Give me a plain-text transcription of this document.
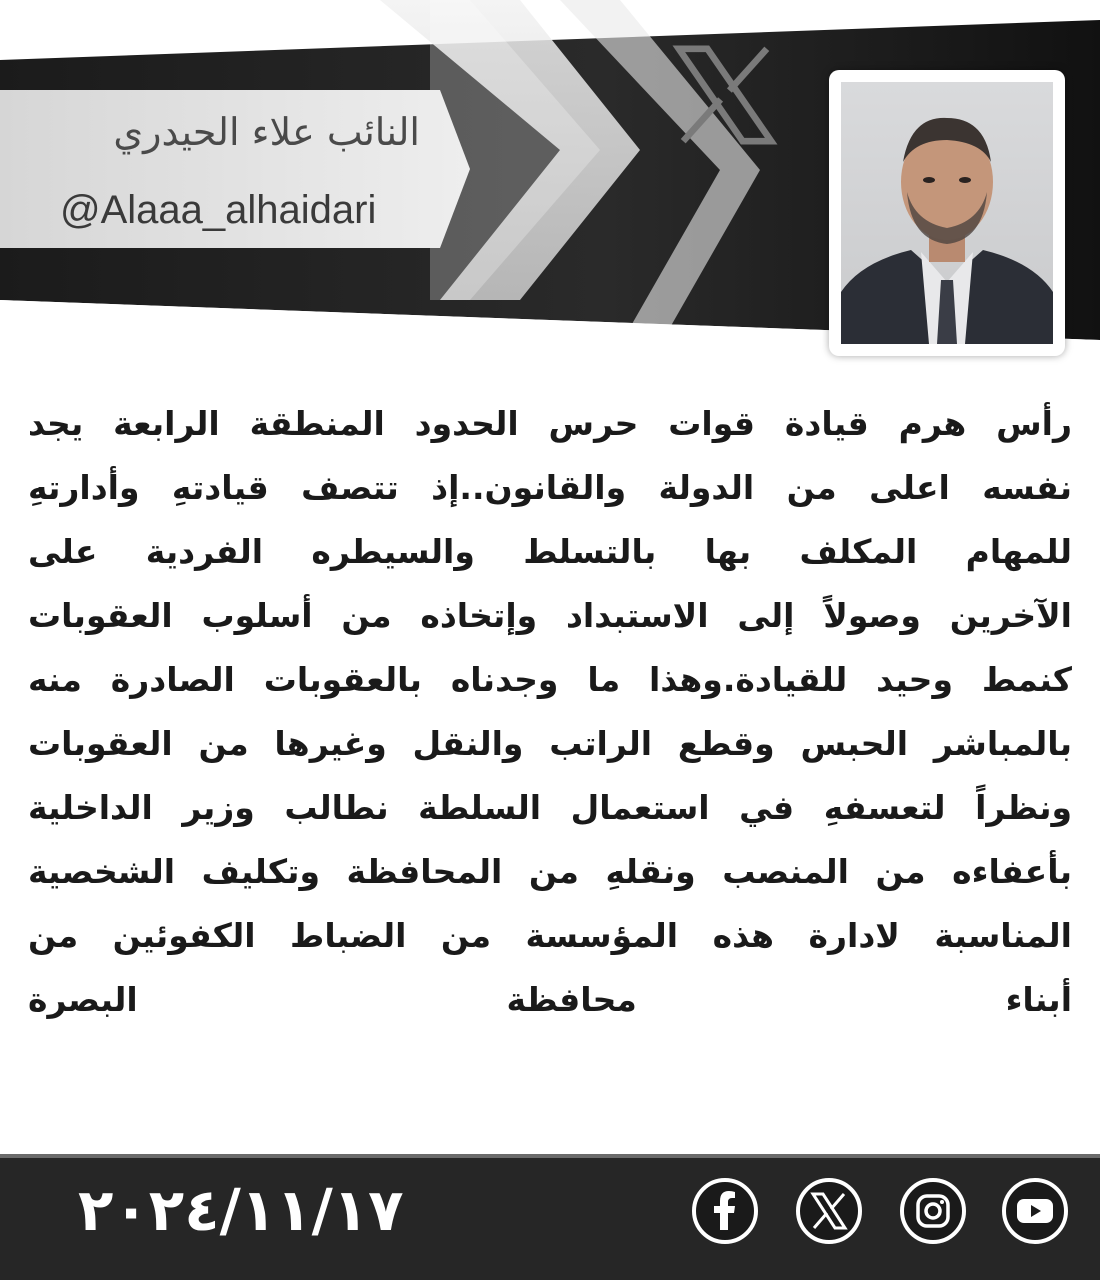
النائب علاء الحيدري
@Alaaa_alhaidari
رأس هرم قيادة قوات حرس الحدود المنطقة الرابعة يجد
نفسه اعلى من الدولة والقانون..إذ تتصف قيادتهِ وأدارتهِ
للمهام المكلف بها بالتسلط والسيطره الفردية على
الآخرين وصولاً إلى الاستبداد وإتخاذه من أسلوب العقوبات
كنمط وحيد للقيادة.وهذا ما وجدناه بالعقوبات الصادرة منه
بالمباشر الحبس وقطع الراتب والنقل وغيرها من العقوبات
ونظراً لتعسفهِ في استعمال السلطة نطالب وزير الداخلية
بأعفاءه من المنصب ونقلهِ من المحافظة وتكليف الشخصية
المناسبة لادارة هذه المؤسسة من الضباط الكفوئين من
أبناء محافظة البصرة
٢٠٢٤/١١/١٧
